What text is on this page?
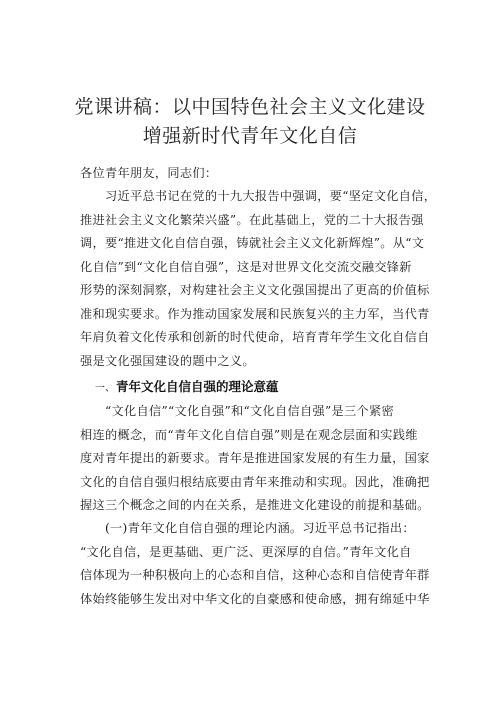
党课讲稿：以中国特色社会主义文化建设
增强新时代青年文化自信
各位青年朋友，同志们：
习近平总书记在党的十九大报告中强调，要“坚定文化自信，
推进社会主义文化繁荣兴盛”。在此基础上，党的二十大报告强
调，要“推进文化自信自强，铸就社会主义文化新辉煌”。从“文
化自信”到“文化自信自强”，这是对世界文化交流交融交锋新
形势的深刻洞察，对构建社会主义文化强国提出了更高的价值标
准和现实要求。作为推动国家发展和民族复兴的主力军，当代青
年肩负着文化传承和创新的时代使命，培育青年学生文化自信自
强是文化强国建设的题中之义。
一、青年文化自信自强的理论意蕴
“文化自信”“文化自强”和“文化自信自强”是三个紧密
相连的概念，而“青年文化自信自强”则是在观念层面和实践维
度对青年提出的新要求。青年是推进国家发展的有生力量，国家
文化的自信自强归根结底要由青年来推动和实现。因此，准确把
握这三个概念之间的内在关系，是推进文化建设的前提和基础。
(一)青年文化自信自强的理论内涵。习近平总书记指出：
“文化自信，是更基础、更广泛、更深厚的自信。”青年文化自
信体现为一种积极向上的心态和自信，这种心态和自信使青年群
体始终能够生发出对中华文化的自豪感和使命感，拥有绵延中华
